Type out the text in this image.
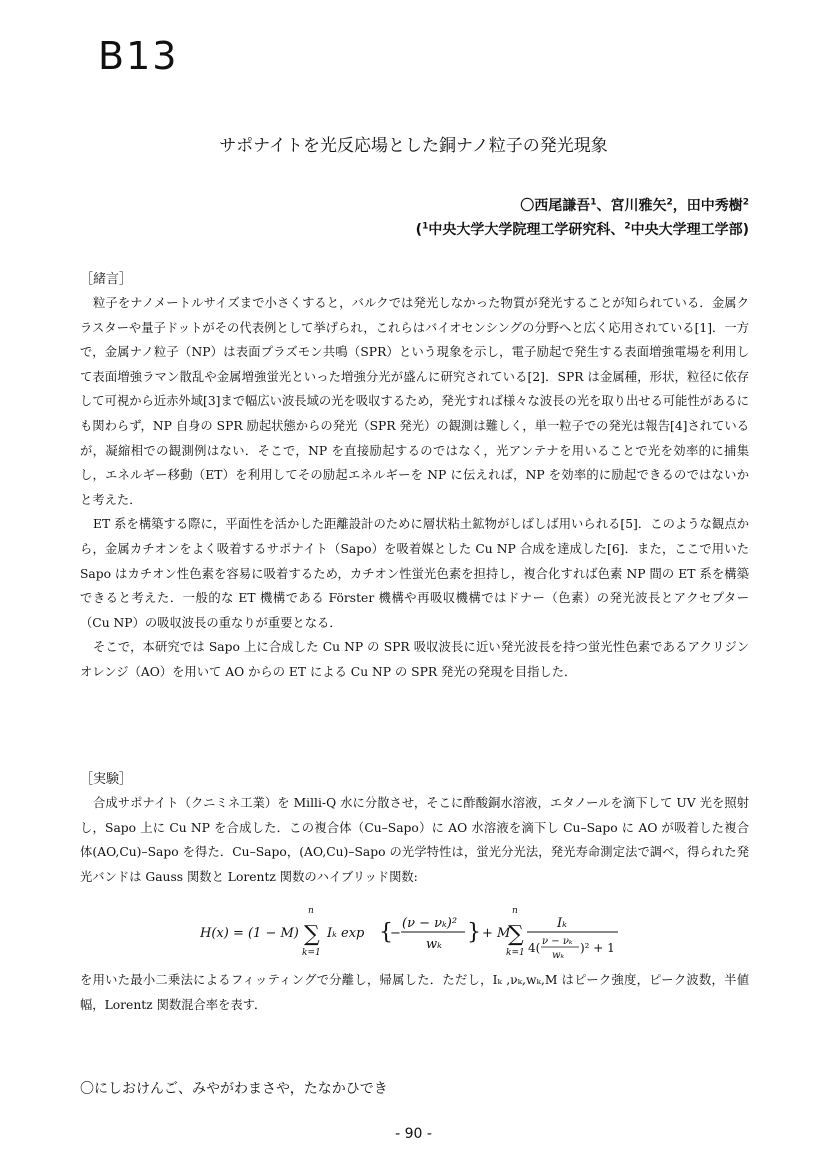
B13
サポナイトを光反応場とした銅ナノ粒子の発光現象
〇西尾謙吾$^1$、宮川雅矢$^2$，田中秀樹$^2$
($^1$中央大学大学院理工学研究科、$^2$中央大学理工学部)
［緒言］

粒子をナノメートルサイズまで小さくすると，バルクでは発光しなかった物質が発光することが知られている．金属クラスターや量子ドットがその代表例として挙げられ，これらはバイオセンシングの分野へと広く応用されている[1]．一方で，金属ナノ粒子（NP）は表面プラズモン共鳴（SPR）という現象を示し，電子励起で発生する表面増強電場を利用して表面増強ラマン散乱や金属増強蛍光といった増強分光が盛んに研究されている[2]．SPR は金属種，形状，粒径に依存して可視から近赤外域[3]まで幅広い波長域の光を吸収するため，発光すれば様々な波長の光を取り出せる可能性があるにも関わらず，NP 自身の SPR 励起状態からの発光（SPR 発光）の観測は難しく，単一粒子での発光は報告[4]されているが，凝縮相での観測例はない．そこで，NP を直接励起するのではなく，光アンテナを用いることで光を効率的に捕集し，エネルギー移動（ET）を利用してその励起エネルギーを NP に伝えれば，NP を効率的に励起できるのではないかと考えた．

ET 系を構築する際に，平面性を活かした距離設計のために層状粘土鉱物がしばしば用いられる[5]．このような観点から，金属カチオンをよく吸着するサポナイト（Sapo）を吸着媒とした Cu NP 合成を達成した[6]．また，ここで用いた Sapo はカチオン性色素を容易に吸着するため，カチオン性蛍光色素を担持し，複合化すれば色素 NP 間の ET 系を構築できると考えた．一般的な ET 機構である Förster 機構や再吸収機構ではドナー（色素）の発光波長とアクセプター（Cu NP）の吸収波長の重なりが重要となる．

そこで，本研究では Sapo 上に合成した Cu NP の SPR 吸収波長に近い発光波長を持つ蛍光性色素であるアクリジンオレンジ（AO）を用いて AO からの ET による Cu NP の SPR 発光の発現を目指した．

［実験］

合成サポナイト（クニミネ工業）を Milli-Q 水に分散させ，そこに酢酸銅水溶液，エタノールを滴下して UV 光を照射し，Sapo 上に Cu NP を合成した．この複合体（Cu–Sapo）に AO 水溶液を滴下し Cu–Sapo に AO が吸着した複合体(AO,Cu)–Sapo を得た．Cu–Sapo，(AO,Cu)–Sapo の光学特性は，蛍光分光法，発光寿命測定法で調べ，得られた発光バンドは Gauss 関数と Lorentz 関数のハイブリッド関数:

H(x) = (1 − M)
n
∑
k=1
Iₖ exp {
−
(ν − νₖ)²
wₖ } + M
n
∑
k=1
Iₖ
4( ν − νₖ
wₖ
)² + 1

を用いた最小二乗法によるフィッティングで分離し，帰属した．ただし，Iₖ ,νₖ,wₖ,M はピーク強度，ピーク波数，半値幅，Lorentz 関数混合率を表す．

〇にしおけんご、みやがわまさや，たなかひでき
- 90 -
